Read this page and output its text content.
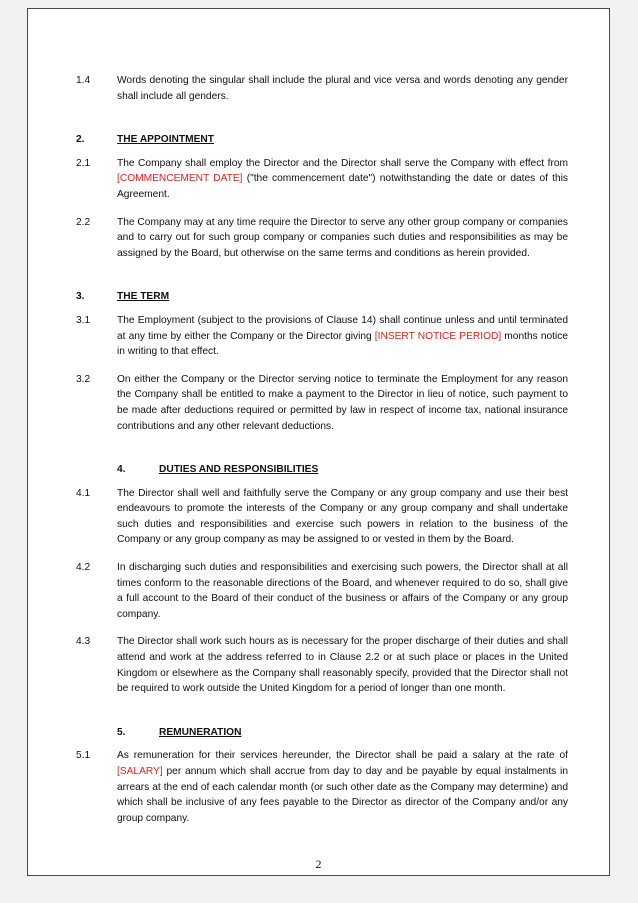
1.4	Words denoting the singular shall include the plural and vice versa and words denoting any gender shall include all genders.
2.	THE APPOINTMENT
2.1	The Company shall employ the Director and the Director shall serve the Company with effect from [COMMENCEMENT DATE] ("the commencement date") notwithstanding the date or dates of this Agreement.
2.2	The Company may at any time require the Director to serve any other group company or companies and to carry out for such group company or companies such duties and responsibilities as may be assigned by the Board, but otherwise on the same terms and conditions as herein provided.
3.	THE TERM
3.1	The Employment (subject to the provisions of Clause 14) shall continue unless and until terminated at any time by either the Company or the Director giving [INSERT NOTICE PERIOD] months notice in writing to that effect.
3.2	On either the Company or the Director serving notice to terminate the Employment for any reason the Company shall be entitled to make a payment to the Director in lieu of notice, such payment to be made after deductions required or permitted by law in respect of income tax, national insurance contributions and any other relevant deductions.
4.	DUTIES AND RESPONSIBILITIES
4.1	The Director shall well and faithfully serve the Company or any group company and use their best endeavours to promote the interests of the Company or any group company and shall undertake such duties and responsibilities and exercise such powers in relation to the business of the Company or any group company as may be assigned to or vested in them by the Board.
4.2	In discharging such duties and responsibilities and exercising such powers, the Director shall at all times conform to the reasonable directions of the Board, and whenever required to do so, shall give a full account to the Board of their conduct of the business or affairs of the Company or any group company.
4.3	The Director shall work such hours as is necessary for the proper discharge of their duties and shall attend and work at the address referred to in Clause 2.2 or at such place or places in the United Kingdom or elsewhere as the Company shall reasonably specify, provided that the Director shall not be required to work outside the United Kingdom for a period of longer than one month.
5.	REMUNERATION
5.1	As remuneration for their services hereunder, the Director shall be paid a salary at the rate of [SALARY] per annum which shall accrue from day to day and be payable by equal instalments in arrears at the end of each calendar month (or such other date as the Company may determine) and which shall be inclusive of any fees payable to the Director as director of the Company and/or any group company.
2
